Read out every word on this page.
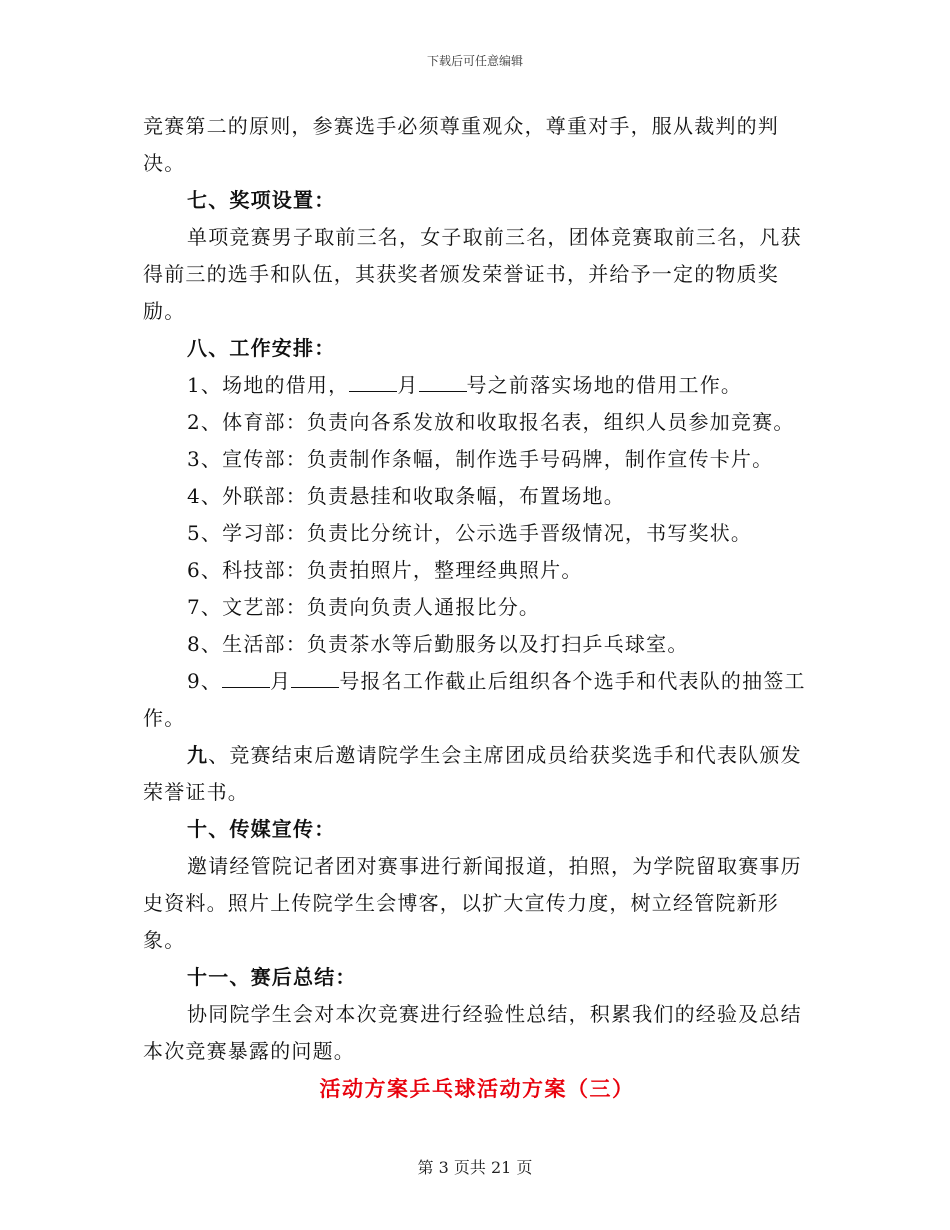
下载后可任意编辑

竞赛第二的原则，参赛选手必须尊重观众，尊重对手，服从裁判的判决。

七、奖项设置：

单项竞赛男子取前三名，女子取前三名，团体竞赛取前三名，凡获得前三的选手和队伍，其获奖者颁发荣誉证书，并给予一定的物质奖励。

八、工作安排：

1、场地的借用， 月 号之前落实场地的借用工作。

2、体育部：负责向各系发放和收取报名表，组织人员参加竞赛。

3、宣传部：负责制作条幅，制作选手号码牌，制作宣传卡片。

4、外联部：负责悬挂和收取条幅，布置场地。

5、学习部：负责比分统计，公示选手晋级情况，书写奖状。

6、科技部：负责拍照片，整理经典照片。

7、文艺部：负责向负责人通报比分。

8、生活部：负责茶水等后勤服务以及打扫乒乓球室。

9、 月 号报名工作截止后组织各个选手和代表队的抽签工作。

九、竞赛结束后邀请院学生会主席团成员给获奖选手和代表队颁发荣誉证书。

十、传媒宣传：

邀请经管院记者团对赛事进行新闻报道，拍照，为学院留取赛事历史资料。照片上传院学生会博客，以扩大宣传力度，树立经管院新形象。

十一、赛后总结：

协同院学生会对本次竞赛进行经验性总结，积累我们的经验及总结本次竞赛暴露的问题。

活动方案乒乓球活动方案（三）
第 3 页共 21 页
